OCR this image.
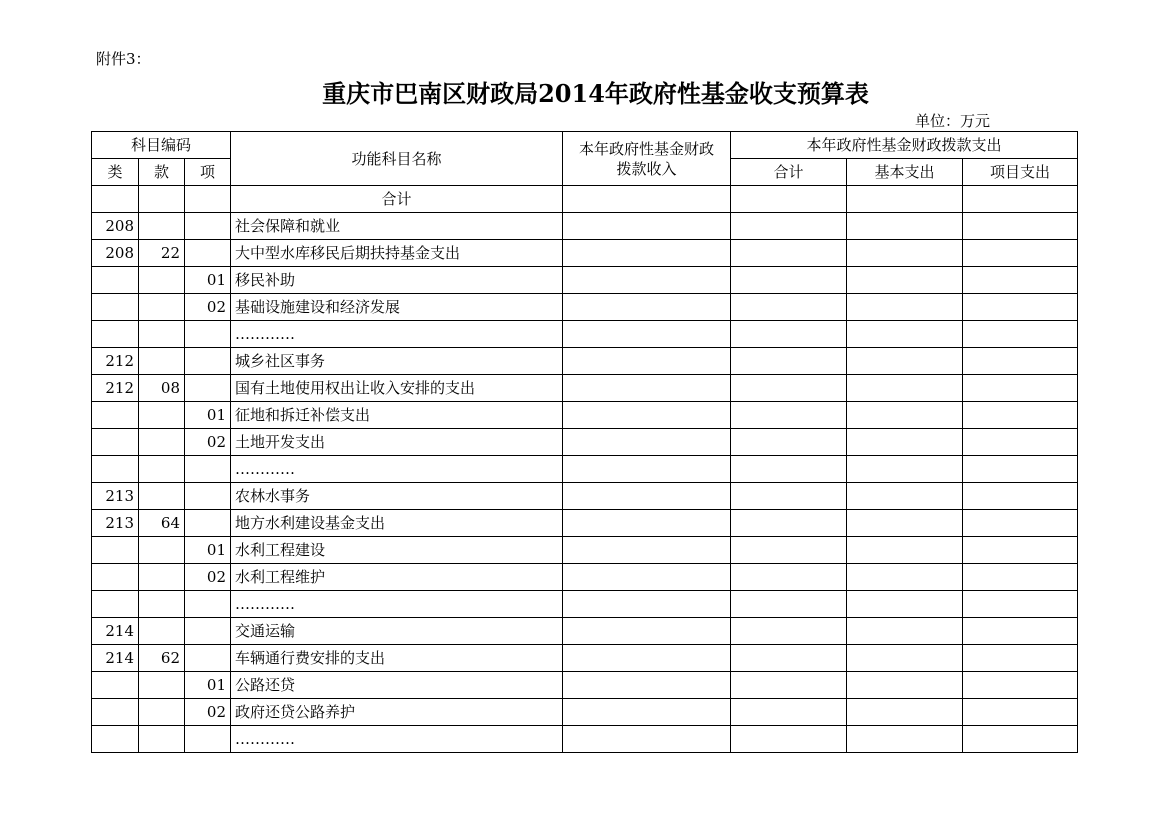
附件3：
重庆市巴南区财政局2014年政府性基金收支预算表
单位：万元
科目编码			功能科目名称	本年政府性基金财政拨款收入	本年政府性基金财政拨款支出		
类	款	项			合计	基本支出	项目支出
			合计				
208			社会保障和就业				
208	22		大中型水库移民后期扶持基金支出				
		01	移民补助				
		02	基础设施建设和经济发展				
			…………				
212			城乡社区事务				
212	08		国有土地使用权出让收入安排的支出				
		01	征地和拆迁补偿支出				
		02	土地开发支出				
			…………				
213			农林水事务				
213	64		地方水利建设基金支出				
		01	水利工程建设				
		02	水利工程维护				
			…………				
214			交通运输				
214	62		车辆通行费安排的支出				
		01	公路还贷				
		02	政府还贷公路养护				
			…………				
